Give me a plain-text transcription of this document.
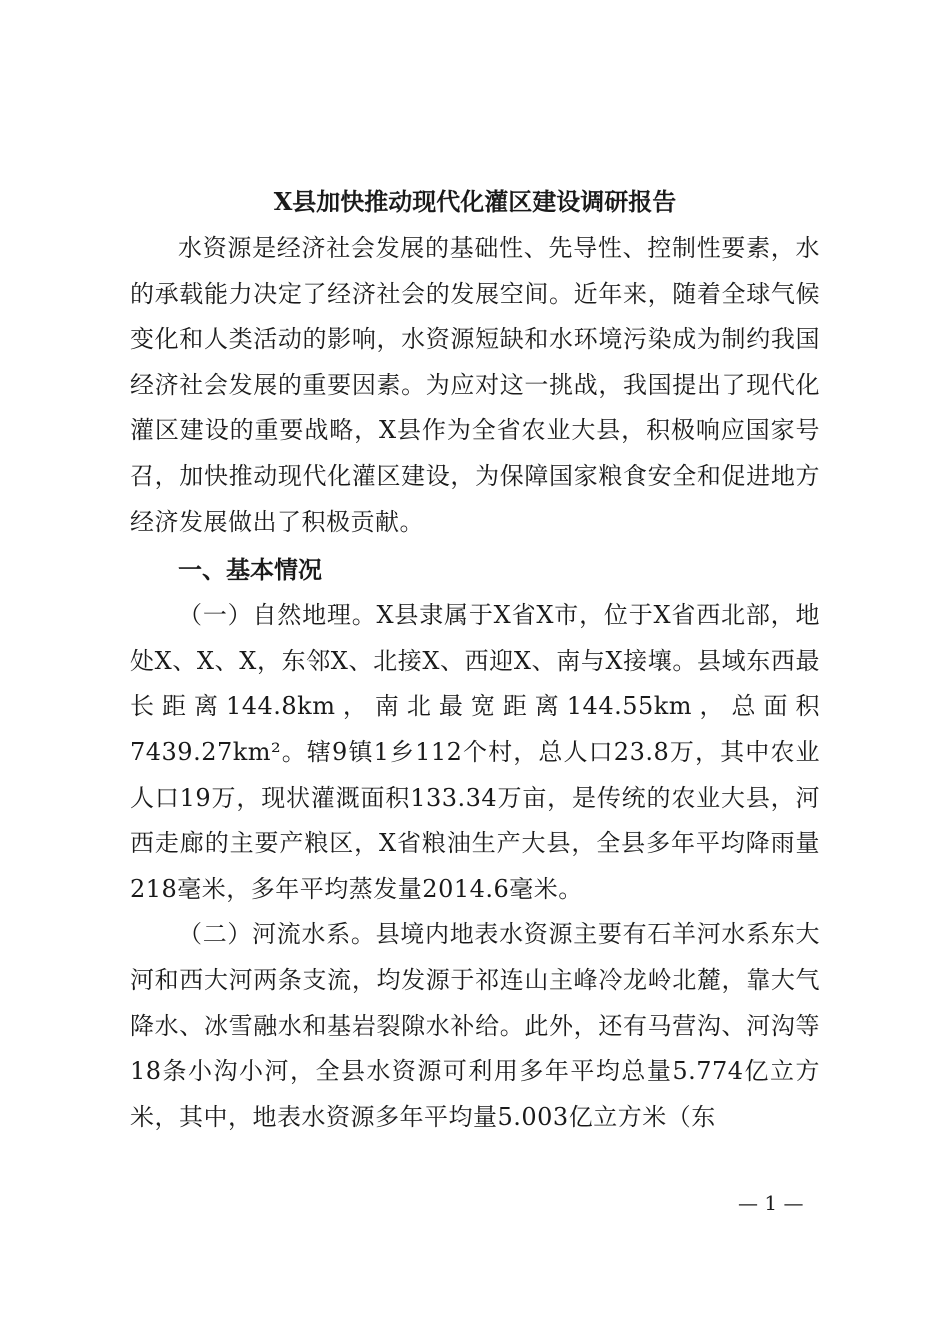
X县加快推动现代化灌区建设调研报告

水资源是经济社会发展的基础性、先导性、控制性要素，水的承载能力决定了经济社会的发展空间。近年来，随着全球气候变化和人类活动的影响，水资源短缺和水环境污染成为制约我国经济社会发展的重要因素。为应对这一挑战，我国提出了现代化灌区建设的重要战略，X县作为全省农业大县，积极响应国家号召，加快推动现代化灌区建设，为保障国家粮食安全和促进地方经济发展做出了积极贡献。

一、基本情况

（一）自然地理。X县隶属于X省X市，位于X省西北部，地处X、X、X，东邻X、北接X、西迎X、南与X接壤。县域东西最长距离144.8km，南北最宽距离144.55km，总面积7439.27km²。辖9镇1乡112个村，总人口23.8万，其中农业人口19万，现状灌溉面积133.34万亩，是传统的农业大县，河西走廊的主要产粮区，X省粮油生产大县，全县多年平均降雨量218毫米，多年平均蒸发量2014.6毫米。

（二）河流水系。县境内地表水资源主要有石羊河水系东大河和西大河两条支流，均发源于祁连山主峰冷龙岭北麓，靠大气降水、冰雪融水和基岩裂隙水补给。此外，还有马营沟、河沟等18条小沟小河，全县水资源可利用多年平均总量5.774亿立方米，其中，地表水资源多年平均量5.003亿立方米（东

— 1 —
